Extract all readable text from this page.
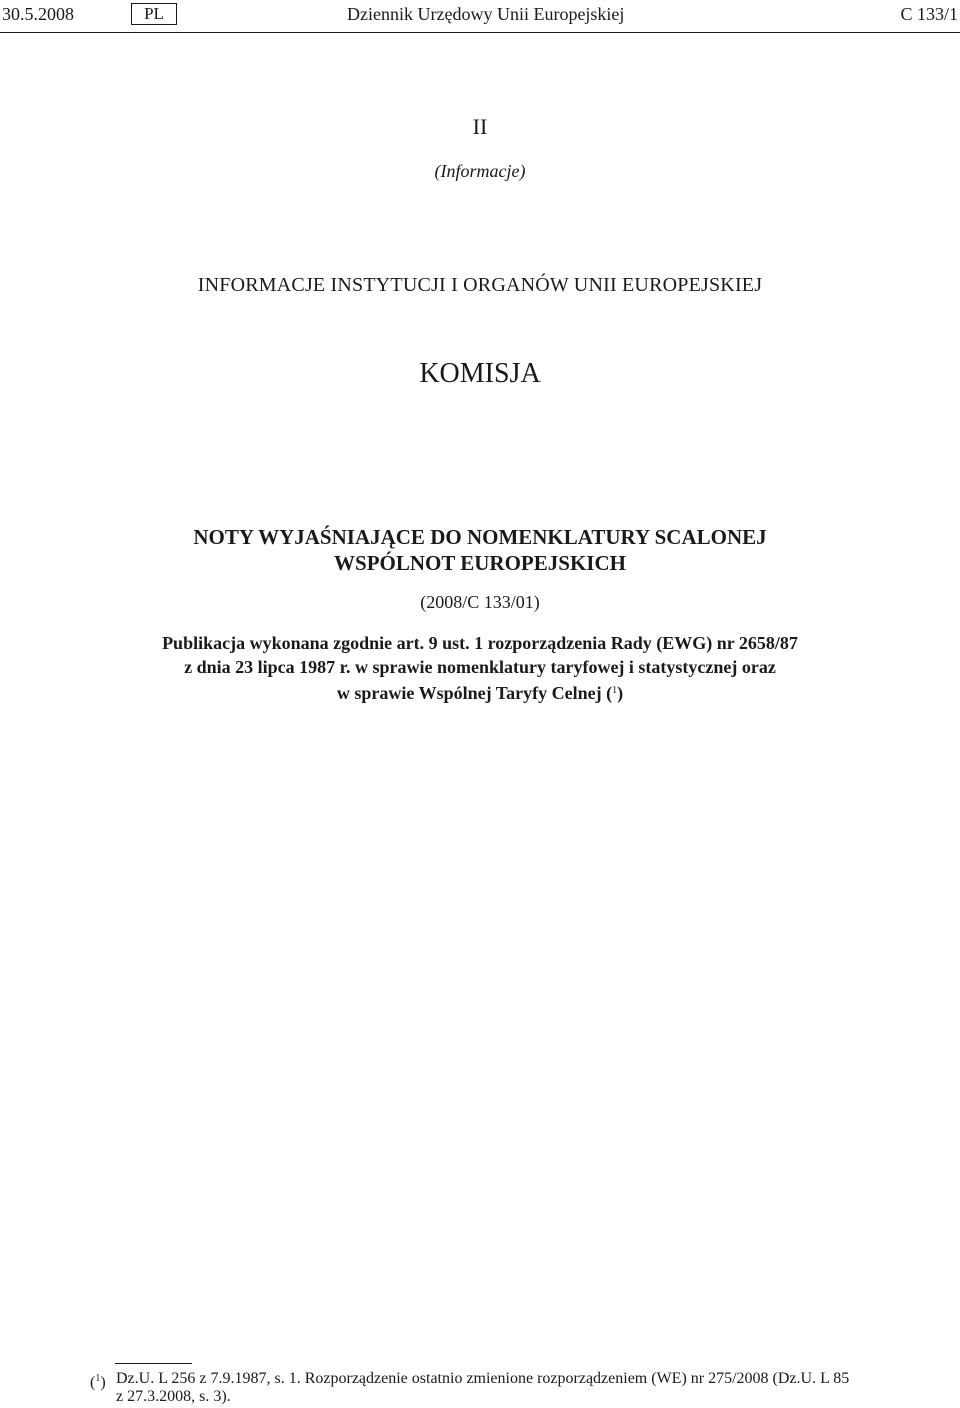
30.5.2008	PL	Dziennik Urzędowy Unii Europejskiej	C 133/1
II
(Informacje)
INFORMACJE INSTYTUCJI I ORGANÓW UNII EUROPEJSKIEJ
KOMISJA
NOTY WYJAŚNIAJĄCE DO NOMENKLATURY SCALONEJ
WSPÓLNOT EUROPEJSKICH
(2008/C 133/01)
Publikacja wykonana zgodnie art. 9 ust. 1 rozporządzenia Rady (EWG) nr 2658/87
z dnia 23 lipca 1987 r. w sprawie nomenklatury taryfowej i statystycznej oraz
w sprawie Wspólnej Taryfy Celnej ($^1$)
($^1$) Dz.U. L 256 z 7.9.1987, s. 1. Rozporządzenie ostatnio zmienione rozporządzeniem (WE) nr 275/2008 (Dz.U. L 85
z 27.3.2008, s. 3).
